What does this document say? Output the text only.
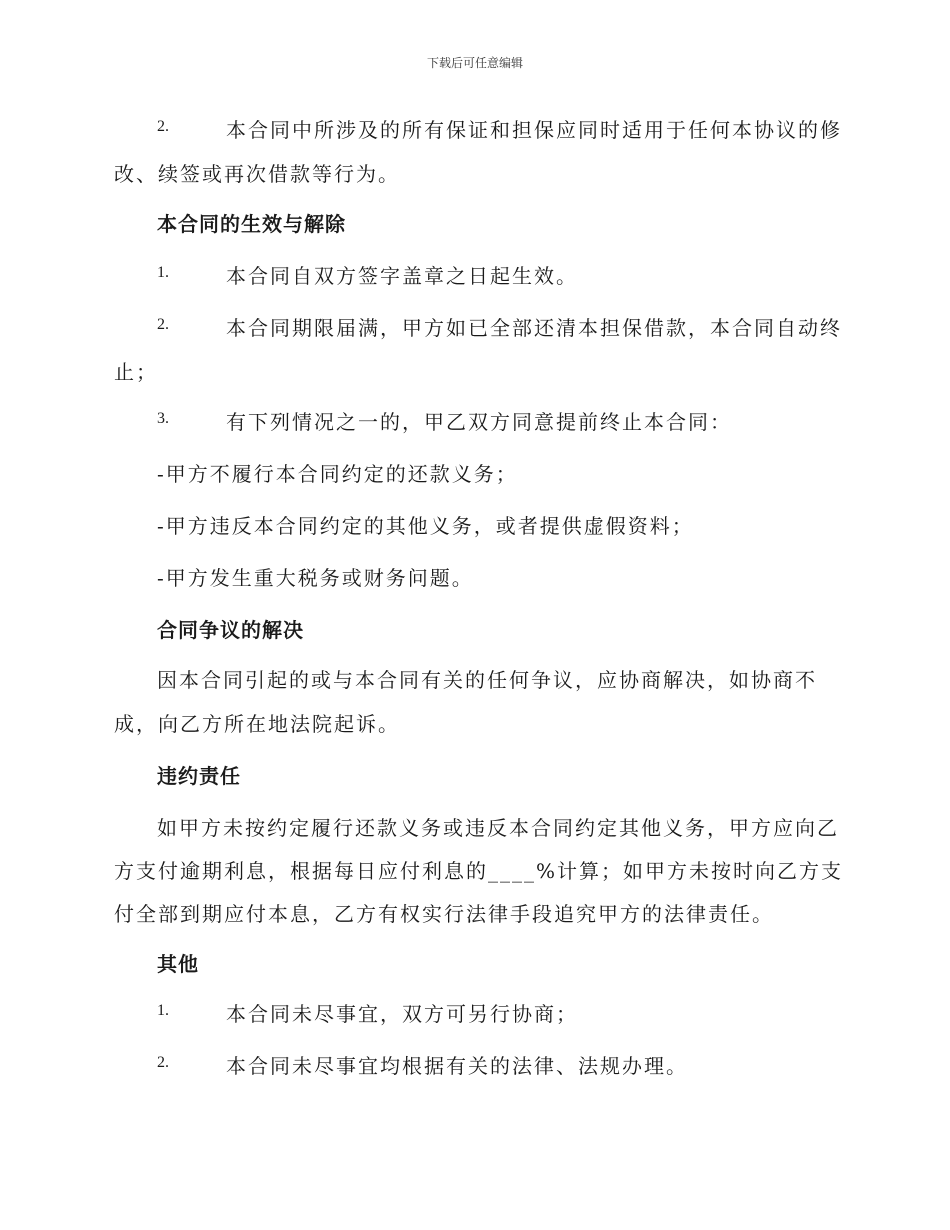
下载后可任意编辑
2.	本合同中所涉及的所有保证和担保应同时适用于任何本协议的修
改、续签或再次借款等行为。
本合同的生效与解除
1.	本合同自双方签字盖章之日起生效。
2.	本合同期限届满，甲方如已全部还清本担保借款，本合同自动终
止；
3.	有下列情况之一的，甲乙双方同意提前终止本合同：
-甲方不履行本合同约定的还款义务；
-甲方违反本合同约定的其他义务，或者提供虚假资料；
-甲方发生重大税务或财务问题。
合同争议的解决
因本合同引起的或与本合同有关的任何争议，应协商解决，如协商不
成，向乙方所在地法院起诉。
违约责任
如甲方未按约定履行还款义务或违反本合同约定其他义务，甲方应向乙
方支付逾期利息，根据每日应付利息的____%计算；如甲方未按时向乙方支
付全部到期应付本息，乙方有权实行法律手段追究甲方的法律责任。
其他
1.	本合同未尽事宜，双方可另行协商；
2.	本合同未尽事宜均根据有关的法律、法规办理。
